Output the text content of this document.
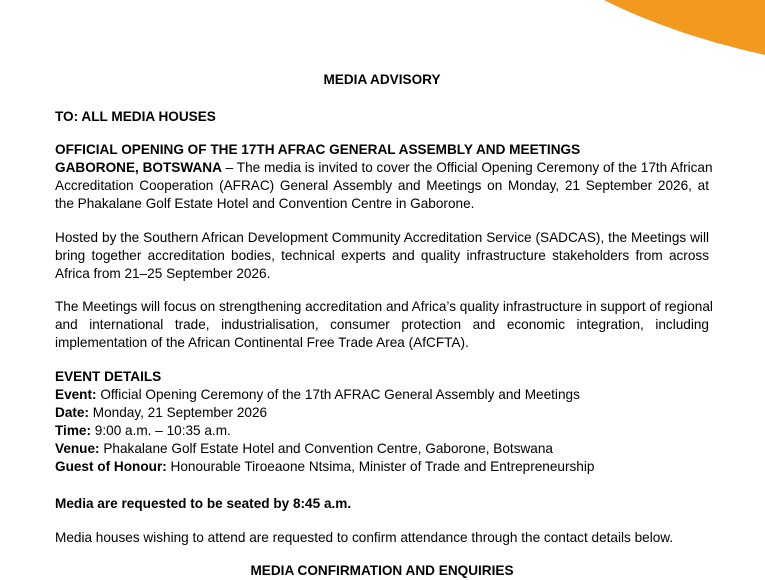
MEDIA ADVISORY

TO: ALL MEDIA HOUSES

OFFICIAL OPENING OF THE 17TH AFRAC GENERAL ASSEMBLY AND MEETINGS

GABORONE, BOTSWANA – The media is invited to cover the Official Opening Ceremony of the 17th African
Accreditation Cooperation (AFRAC) General Assembly and Meetings on Monday, 21 September 2026, at
the Phakalane Golf Estate Hotel and Convention Centre in Gaborone.
Hosted by the Southern African Development Community Accreditation Service (SADCAS), the Meetings will
bring together accreditation bodies, technical experts and quality infrastructure stakeholders from across
Africa from 21–25 September 2026.
The Meetings will focus on strengthening accreditation and Africa’s quality infrastructure in support of regional
and international trade, industrialisation, consumer protection and economic integration, including
implementation of the African Continental Free Trade Area (AfCFTA).
EVENT DETAILS
Event: Official Opening Ceremony of the 17th AFRAC General Assembly and Meetings
Date: Monday, 21 September 2026
Time: 9:00 a.m. – 10:35 a.m.
Venue: Phakalane Golf Estate Hotel and Convention Centre, Gaborone, Botswana
Guest of Honour: Honourable Tiroeaone Ntsima, Minister of Trade and Entrepreneurship

Media are requested to be seated by 8:45 a.m.

Media houses wishing to attend are requested to confirm attendance through the contact details below.

MEDIA CONFIRMATION AND ENQUIRIES
